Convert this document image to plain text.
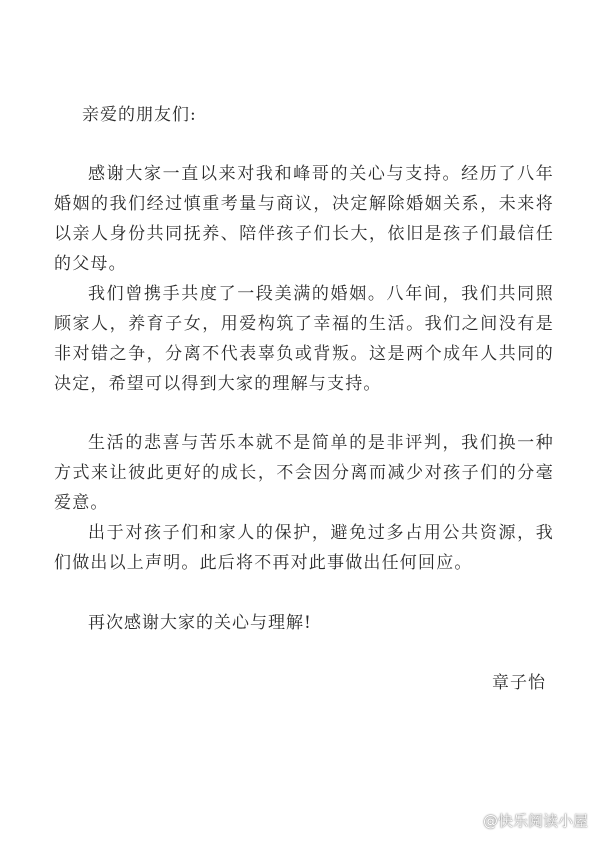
亲爱的朋友们:

感谢大家一直以来对我和峰哥的关心与支持。经历了八年婚姻的我们经过慎重考量与商议，决定解除婚姻关系，未来将以亲人身份共同抚养、陪伴孩子们长大，依旧是孩子们最信任的父母。

我们曾携手共度了一段美满的婚姻。八年间，我们共同照顾家人，养育子女，用爱构筑了幸福的生活。我们之间没有是非对错之争，分离不代表辜负或背叛。这是两个成年人共同的决定，希望可以得到大家的理解与支持。

生活的悲喜与苦乐本就不是简单的是非评判，我们换一种方式来让彼此更好的成长，不会因分离而减少对孩子们的分毫爱意。

出于对孩子们和家人的保护，避免过多占用公共资源，我们做出以上声明。此后将不再对此事做出任何回应。

再次感谢大家的关心与理解!

章子怡

@快乐阅读小屋
